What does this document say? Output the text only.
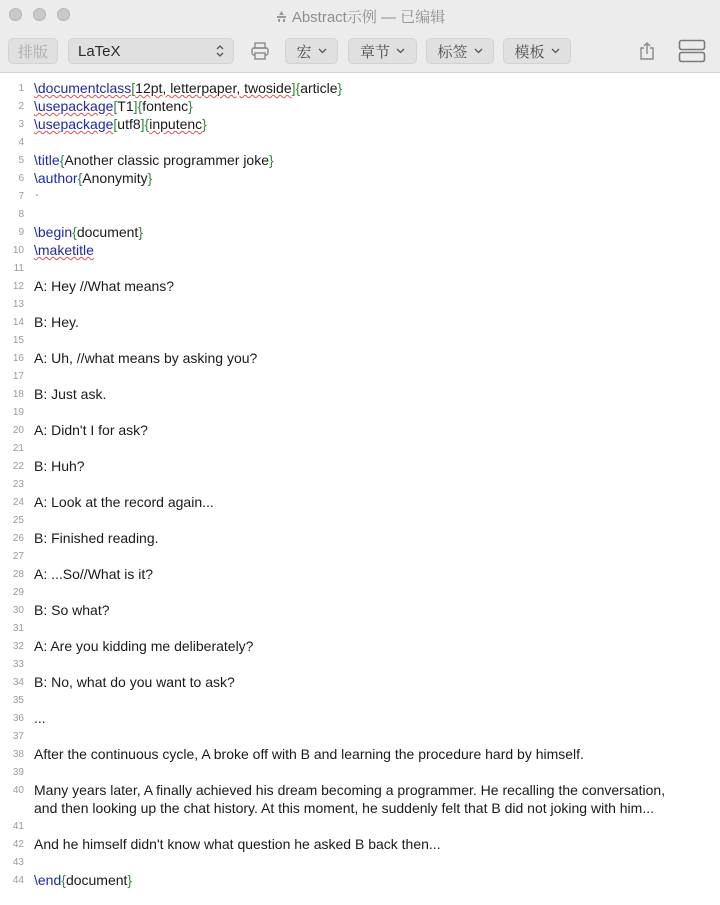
Abstract示例 — 已编辑
排版 LaTeX	宏	章节	标签	模板
1 \documentclass[12pt, letterpaper, twoside]{article}
2 \usepackage[T1]{fontenc}
3 \usepackage[utf8]{inputenc}
4
5 \title{Another classic programmer joke}
6 \author{Anonymity}
7
8
9 \begin{document}
10 \maketitle
11
12 A: Hey //What means?
13
14 B: Hey.
15
16 A: Uh, //what means by asking you?
17
18 B: Just ask.
19
20 A: Didn't I for ask?
21
22 B: Huh?
23
24 A: Look at the record again...
25
26 B: Finished reading.
27
28 A: ...So//What is it?
29
30 B: So what?
31
32 A: Are you kidding me deliberately?
33
34 B: No, what do you want to ask?
35
36 ...
37
38 After the continuous cycle, A broke off with B and learning the procedure hard by himself.
39
40 Many years later, A finally achieved his dream becoming a programmer. He recalling the conversation,
and then looking up the chat history. At this moment, he suddenly felt that B did not joking with him...
41
42 And he himself didn't know what question he asked B back then...
43
44 \end{document}
